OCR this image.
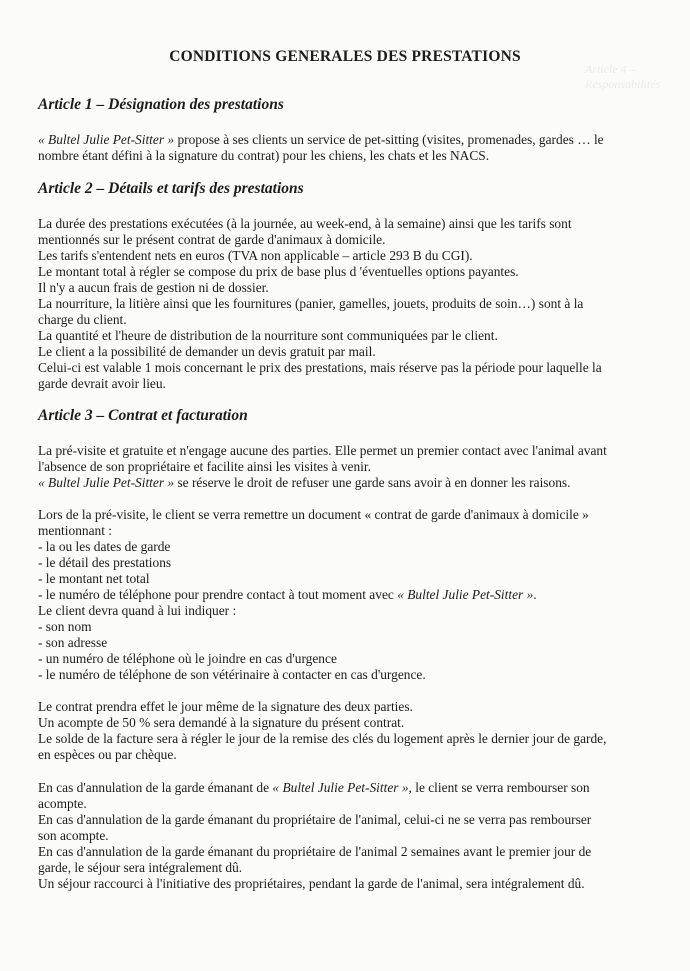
Article 4 – Responsabilités
CONDITIONS GENERALES DES PRESTATIONS
Article 1 – Désignation des prestations
« Bultel Julie Pet-Sitter » propose à ses clients un service de pet-sitting (visites, promenades, gardes … le
nombre étant défini à la signature du contrat) pour les chiens, les chats et les NACS.
Article 2 – Détails et tarifs des prestations
La durée des prestations exécutées (à la journée, au week-end, à la semaine) ainsi que les tarifs sont
mentionnés sur le présent contrat de garde d'animaux à domicile.
Les tarifs s'entendent nets en euros (TVA non applicable – article 293 B du CGI).
Le montant total à régler se compose du prix de base plus d 'éventuelles options payantes.
Il n'y a aucun frais de gestion ni de dossier.
La nourriture, la litière ainsi que les fournitures (panier, gamelles, jouets, produits de soin…) sont à la
charge du client.
La quantité et l'heure de distribution de la nourriture sont communiquées par le client.
Le client a la possibilité de demander un devis gratuit par mail.
Celui-ci est valable 1 mois concernant le prix des prestations, mais réserve pas la période pour laquelle la
garde devrait avoir lieu.
Article 3 – Contrat et facturation
La pré-visite et gratuite et n'engage aucune des parties. Elle permet un premier contact avec l'animal avant
l'absence de son propriétaire et facilite ainsi les visites à venir.
« Bultel Julie Pet-Sitter » se réserve le droit de refuser une garde sans avoir à en donner les raisons.
Lors de la pré-visite, le client se verra remettre un document « contrat de garde d'animaux à domicile »
mentionnant :
- la ou les dates de garde
- le détail des prestations
- le montant net total
- le numéro de téléphone pour prendre contact à tout moment avec « Bultel Julie Pet-Sitter ».
Le client devra quand à lui indiquer :
- son nom
- son adresse
- un numéro de téléphone où le joindre en cas d'urgence
- le numéro de téléphone de son vétérinaire à contacter en cas d'urgence.
Le contrat prendra effet le jour même de la signature des deux parties.
Un acompte de 50 % sera demandé à la signature du présent contrat.
Le solde de la facture sera à régler le jour de la remise des clés du logement après le dernier jour de garde,
en espèces ou par chèque.
En cas d'annulation de la garde émanant de « Bultel Julie Pet-Sitter », le client se verra rembourser son
acompte.
En cas d'annulation de la garde émanant du propriétaire de l'animal, celui-ci ne se verra pas rembourser
son acompte.
En cas d'annulation de la garde émanant du propriétaire de l'animal 2 semaines avant le premier jour de
garde, le séjour sera intégralement dû.
Un séjour raccourci à l'initiative des propriétaires, pendant la garde de l'animal, sera intégralement dû.
